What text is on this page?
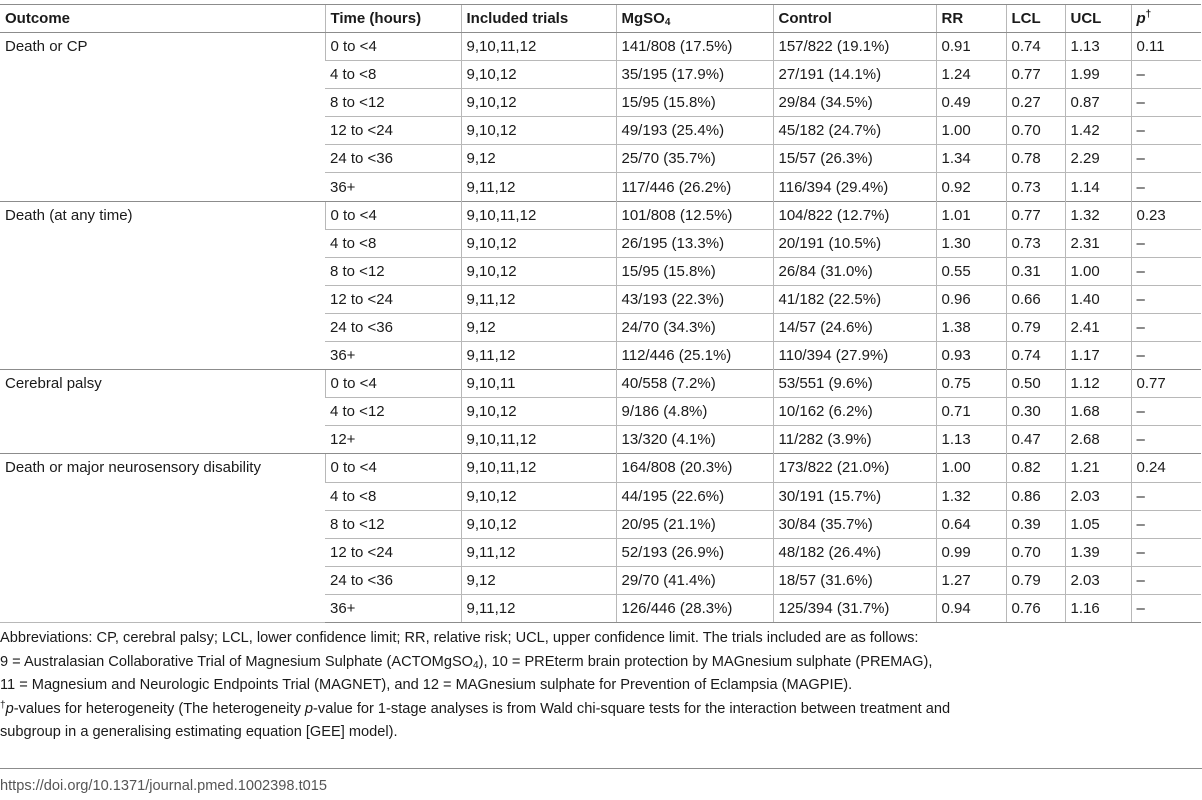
Outcome	Time (hours)	Included trials	MgSO$_4$	Control	RR	LCL	UCL	p†
Death or CP	0 to <4	9,10,11,12	141/808 (17.5%)	157/822 (19.1%)	0.91	0.74	1.13	0.11
	4 to <8	9,10,12	35/195 (17.9%)	27/191 (14.1%)	1.24	0.77	1.99	–
	8 to <12	9,10,12	15/95 (15.8%)	29/84 (34.5%)	0.49	0.27	0.87	–
	12 to <24	9,10,12	49/193 (25.4%)	45/182 (24.7%)	1.00	0.70	1.42	–
	24 to <36	9,12	25/70 (35.7%)	15/57 (26.3%)	1.34	0.78	2.29	–
	36+	9,11,12	117/446 (26.2%)	116/394 (29.4%)	0.92	0.73	1.14	–
Death (at any time)	0 to <4	9,10,11,12	101/808 (12.5%)	104/822 (12.7%)	1.01	0.77	1.32	0.23
	4 to <8	9,10,12	26/195 (13.3%)	20/191 (10.5%)	1.30	0.73	2.31	–
	8 to <12	9,10,12	15/95 (15.8%)	26/84 (31.0%)	0.55	0.31	1.00	–
	12 to <24	9,11,12	43/193 (22.3%)	41/182 (22.5%)	0.96	0.66	1.40	–
	24 to <36	9,12	24/70 (34.3%)	14/57 (24.6%)	1.38	0.79	2.41	–
	36+	9,11,12	112/446 (25.1%)	110/394 (27.9%)	0.93	0.74	1.17	–
Cerebral palsy	0 to <4	9,10,11	40/558 (7.2%)	53/551 (9.6%)	0.75	0.50	1.12	0.77
	4 to <12	9,10,12	9/186 (4.8%)	10/162 (6.2%)	0.71	0.30	1.68	–
	12+	9,10,11,12	13/320 (4.1%)	11/282 (3.9%)	1.13	0.47	2.68	–
Death or major neurosensory disability	0 to <4	9,10,11,12	164/808 (20.3%)	173/822 (21.0%)	1.00	0.82	1.21	0.24
	4 to <8	9,10,12	44/195 (22.6%)	30/191 (15.7%)	1.32	0.86	2.03	–
	8 to <12	9,10,12	20/95 (21.1%)	30/84 (35.7%)	0.64	0.39	1.05	–
	12 to <24	9,11,12	52/193 (26.9%)	48/182 (26.4%)	0.99	0.70	1.39	–
	24 to <36	9,12	29/70 (41.4%)	18/57 (31.6%)	1.27	0.79	2.03	–
	36+	9,11,12	126/446 (28.3%)	125/394 (31.7%)	0.94	0.76	1.16	–

Abbreviations: CP, cerebral palsy; LCL, lower confidence limit; RR, relative risk; UCL, upper confidence limit. The trials included are as follows:

9 = Australasian Collaborative Trial of Magnesium Sulphate (ACTOMgSO$_4$), 10 = PREterm brain protection by MAGnesium sulphate (PREMAG),

11 = Magnesium and Neurologic Endpoints Trial (MAGNET), and 12 = MAGnesium sulphate for Prevention of Eclampsia (MAGPIE).

†p-values for heterogeneity (The heterogeneity p-value for 1-stage analyses is from Wald chi-square tests for the interaction between treatment and

subgroup in a generalising estimating equation [GEE] model).

https://doi.org/10.1371/journal.pmed.1002398.t015
